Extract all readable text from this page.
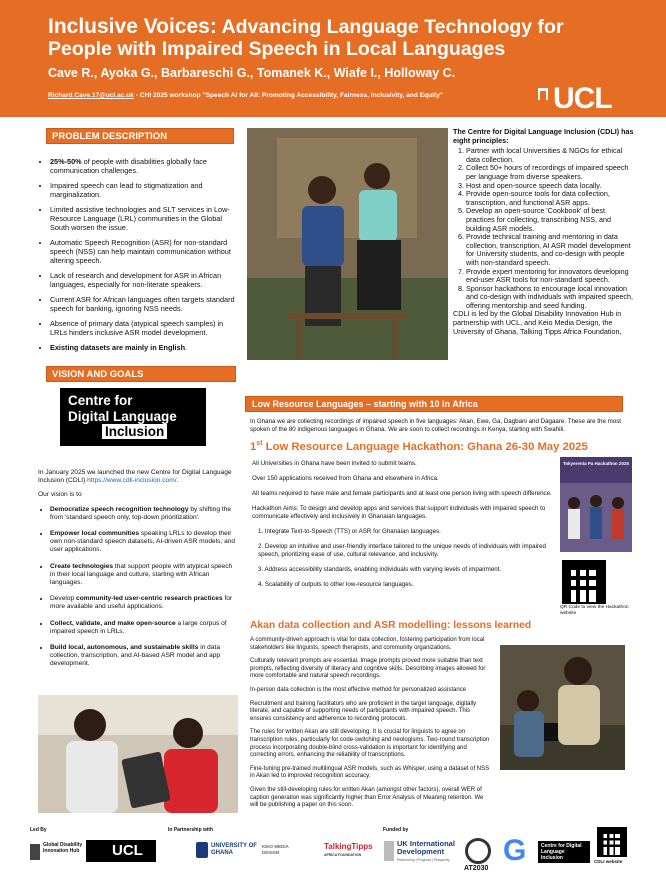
Inclusive Voices: Advancing Language Technology for People with Impaired Speech in Local Languages
Cave R., Ayoka G., Barbareschi G., Tomanek K., Wiafe I., Holloway C.
Richard.Cave.17@ucl.ac.uk - CHI 2025 workshop "Speech AI for All: Promoting Accessibility, Fairness, Inclusivity, and Equity"	UCL
PROBLEM DESCRIPTION
• 25%-50% of people with disabilities globally face communication challenges.
• Impaired speech can lead to stigmatization and marginalization.
• Limited assistive technologies and SLT services in Low-Resource Language (LRL) communities in the Global South worsen the issue.
• Automatic Speech Recognition (ASR) for non-standard speech (NSS) can help maintain communication without altering speech.
• Lack of research and development for ASR in African languages, especially for non-literate speakers.
• Current ASR for African languages often targets standard speech for banking, ignoring NSS needs.
• Absence of primary data (atypical speech samples) in LRLs hinders inclusive ASR model development.
• Existing datasets are mainly in English.
The Centre for Digital Language Inclusion (CDLI) has eight principles:
1. Partner with local Universities & NGOs for ethical data collection.
2. Collect 50+ hours of recordings of impaired speech per language from diverse speakers.
3. Host and open-source speech data locally.
4. Provide open-source tools for data collection, transcription, and functional ASR apps.
5. Develop an open-source 'Cookbook' of best practices for collecting, transcribing NSS, and building ASR models.
6. Provide technical training and mentoring in data collection, transcription, AI ASR model development for University students, and co-design with people with non-standard speech.
7. Provide expert mentoring for innovators developing end-user ASR tools for non-standard speech.
8. Sponsor hackathons to encourage local innovation and co-design with individuals with impaired speech, offering mentorship and seed funding.
CDLI is led by the Global Disability Innovation Hub in partnership with UCL, and Keio Media Design, the University of Ghana, Talking Tipps Africa Foundation,
VISION AND GOALS
Centre for
Digital Language
Inclusion

In January 2025 we launched the new Centre for Digital Language Inclusion (CDLI) https://www.cdli-inclusion.com/.

Our vision is to

• Democratize speech recognition technology by shifting the from 'standard speech only, top-down prioritization'.
• Empower local communities speaking LRLs to develop their own non-standard speech datasets, AI-driven ASR models, and user applications.
• Create technologies that support people with atypical speech in their local language and culture, starting with African languages.
• Develop community-led user-centric research practices for more available and useful applications.
• Collect, validate, and make open-source a large corpus of impaired speech in LRLs.
• Build local, autonomous, and sustainable skills in data collection, transcription, and AI-based ASR model and app development.
Low Resource Languages – starting with 10 in Africa
In Ghana we are collecting recordings of impaired speech in five languages: Akan, Ewe, Ga, Dagbani and Dagaare. These are the most spoken of the 80 indigenous languages in Ghana. We are soon to collect recordings in Kenya, starting with Swahili.
1st Low Resource Language Hackathon: Ghana 26-30 May 2025

All Universities in Ghana have been invited to submit teams.

Over 150 applications received from Ghana and elsewhere in Africa.

All teams required to have male and female participants and at least one person living with speech difference.

Hackathon Aims: To design and develop apps and services that support individuals with impaired speech to communicate effectively and inclusively in Ghanaian languages.

1. Integrate Text-to-Speech (TTS) or ASR for Ghanaian languages.
2. Develop an intuitive and user-friendly interface tailored to the unique needs of individuals with impaired speech, prioritizing ease of use, cultural relevance, and inclusivity.
3. Address accessibility standards, enabling individuals with varying levels of impairment.
4. Scalability of outputs to other low-resource languages.
Tokyerenta Pa Hackathon 2025
QR Code to view the Hackathon website
Akan data collection and ASR modelling: lessons learned

A community-driven approach is vital for data collection, fostering participation from local stakeholders like linguists, speech therapists, and community organizations.

Culturally relevant prompts are essential. Image prompts proved more suitable than text prompts, reflecting diversity of literacy and cognitive skills. Describing images allowed for more comfortable and natural speech recordings.

In-person data collection is the most effective method for personalized assistance

Recruitment and training facilitators who are proficient in the target language, digitally literate, and capable of supporting needs of participants with impaired speech. This ensures consistency and adherence to recording protocols.

The rules for written Akan are still developing. It is crucial for linguists to agree on transcription rules, particularly for code-switching and neologisms. Two-round transcription process incorporating double-blind cross-validation is important for identifying and correcting errors, enhancing the reliability of transcriptions.

Fine-tuning pre-trained multilingual ASR models, such as Whisper, using a dataset of NSS in Akan led to improved recognition accuracy.

Given the still-developing rules for written Akan (amongst other factors), overall WER of caption generation was significantly higher than Error Analysis of Meaning retention. We will be publishing a paper on this soon.

Led By	In Partnership with	Funded by
Global Disability Innovation Hub UCL	UNIVERSITY OF GHANA
KEIO MEDIA DESIGN
TalkingTipps
AFRICA FOUNDATION
UK International Development
Partnership | Progress | Prosperity
AT2030
G	Centre for Digital Language Inclusion
CDLI website
